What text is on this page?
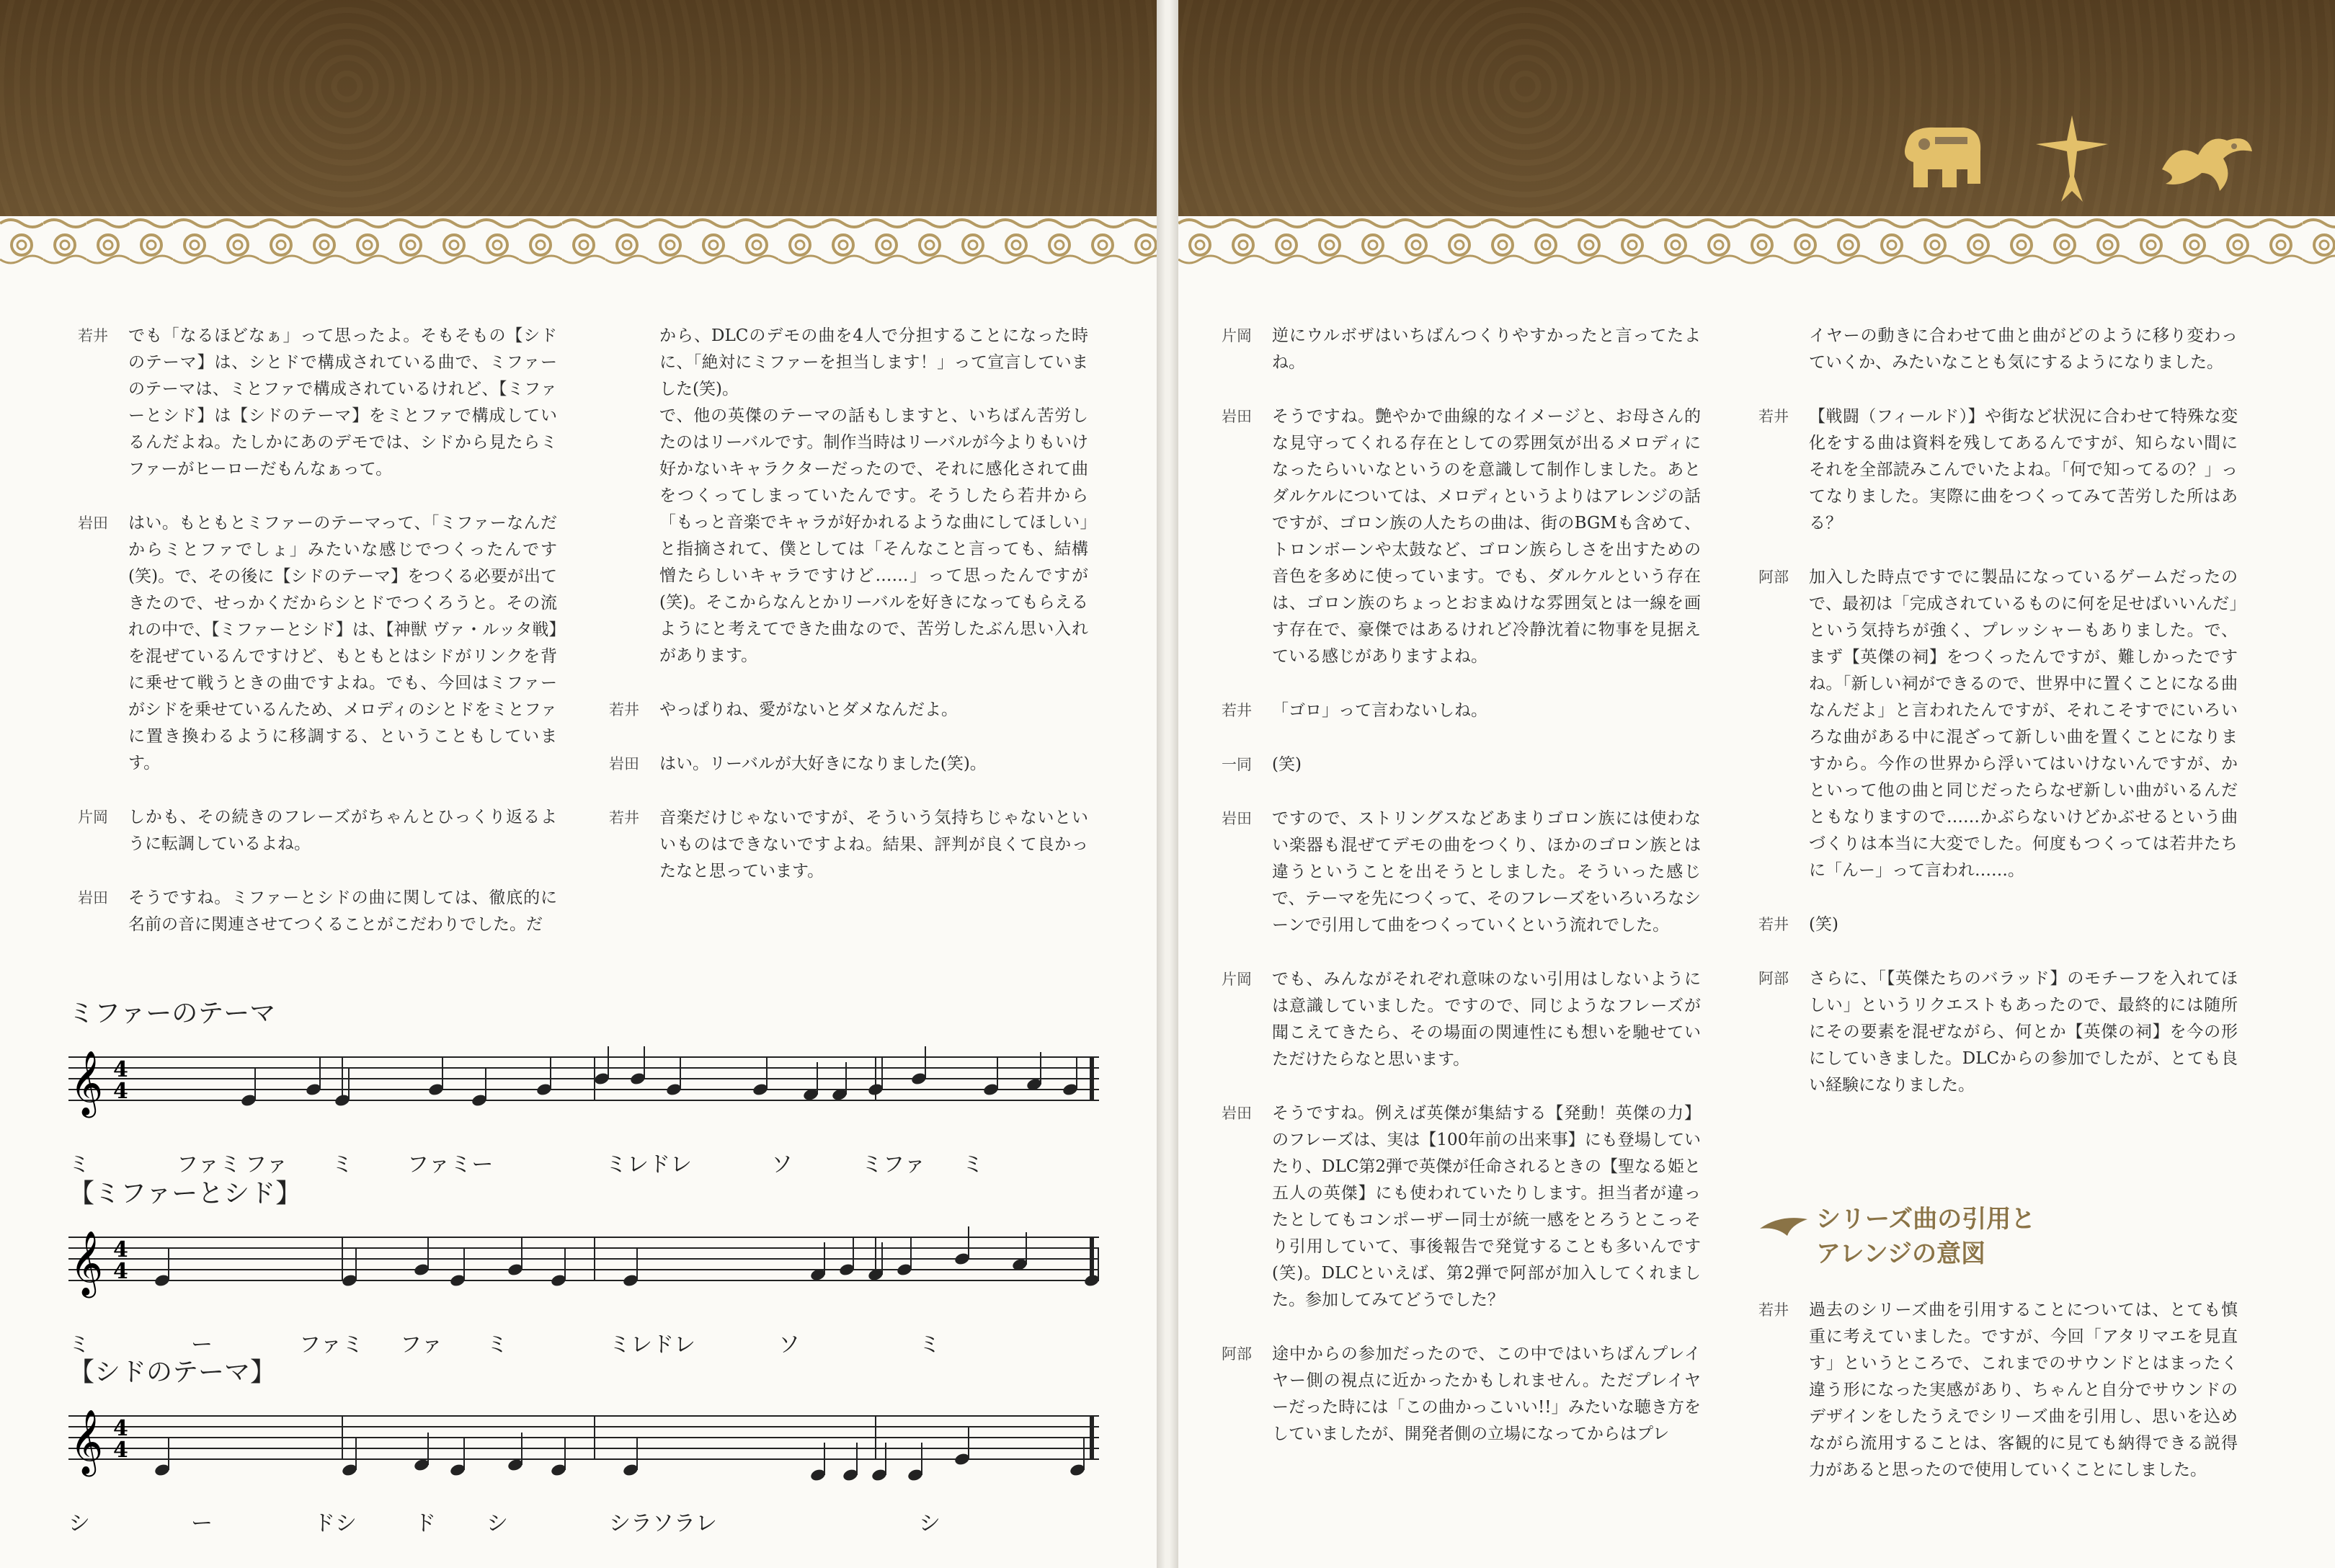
若井	でも「なるほどなぁ」って思ったよ。そもそもの【シドのテーマ】は、シとドで構成されている曲で、ミファーのテーマは、ミとファで構成されているけれど、【ミファーとシド】は【シドのテーマ】をミとファで構成しているんだよね。たしかにあのデモでは、シドから見たらミファーがヒーローだもんなぁって。
岩田	はい。もともとミファーのテーマって、「ミファーなんだからミとファでしょ」みたいな感じでつくったんです(笑)。で、その後に【シドのテーマ】をつくる必要が出てきたので、せっかくだからシとドでつくろうと。その流れの中で、【ミファーとシド】は、【神獣 ヴァ・ルッタ戦】を混ぜているんですけど、もともとはシドがリンクを背に乗せて戦うときの曲ですよね。でも、今回はミファーがシドを乗せているんため、メロディのシとドをミとファに置き換わるように移調する、ということもしています。
片岡	しかも、その続きのフレーズがちゃんとひっくり返るように転調しているよね。
岩田	そうですね。ミファーとシドの曲に関しては、徹底的に名前の音に関連させてつくることがこだわりでした。だ
から、DLCのデモの曲を4人で分担することになった時に、「絶対にミファーを担当します！」って宣言していました(笑)。
で、他の英傑のテーマの話もしますと、いちばん苦労したのはリーバルです。制作当時はリーバルが今よりもいけ好かないキャラクターだったので、それに感化されて曲をつくってしまっていたんです。そうしたら若井から「もっと音楽でキャラが好かれるような曲にしてほしい」と指摘されて、僕としては「そんなこと言っても、結構憎たらしいキャラですけど……」って思ったんですが(笑)。そこからなんとかリーバルを好きになってもらえるようにと考えてできた曲なので、苦労したぶん思い入れがあります。
若井	やっぱりね、愛がないとダメなんだよ。
岩田	はい。リーバルが大好きになりました(笑)。
若井	音楽だけじゃないですが、そういう気持ちじゃないといいものはできないですよね。結果、評判が良くて良かったなと思っています。
ミファーのテーマ
𝄞 4
4
ミ	ファミ ファ ミ	ファミー	ミレドレ	ソ	ミファ ミ
【ミファーとシド】
𝄞 4
4
ミ	ー	ファミ ファ ミ	ミレドレ	ソ	ミ
【シドのテーマ】
𝄞 4
4
シ	ー	ドシ	ド シ	シラソラレ	シ
片岡	逆にウルボザはいちばんつくりやすかったと言ってたよね。
岩田	そうですね。艶やかで曲線的なイメージと、お母さん的な見守ってくれる存在としての雰囲気が出るメロディになったらいいなというのを意識して制作しました。あとダルケルについては、メロディというよりはアレンジの話ですが、ゴロン族の人たちの曲は、街のBGMも含めて、トロンボーンや太鼓など、ゴロン族らしさを出すための音色を多めに使っています。でも、ダルケルという存在は、ゴロン族のちょっとおまぬけな雰囲気とは一線を画す存在で、豪傑ではあるけれど冷静沈着に物事を見据えている感じがありますよね。
若井	「ゴロ」って言わないしね。
一同	(笑)
岩田	ですので、ストリングスなどあまりゴロン族には使わない楽器も混ぜてデモの曲をつくり、ほかのゴロン族とは違うということを出そうとしました。そういった感じで、テーマを先につくって、そのフレーズをいろいろなシーンで引用して曲をつくっていくという流れでした。
片岡	でも、みんながそれぞれ意味のない引用はしないようには意識していました。ですので、同じようなフレーズが聞こえてきたら、その場面の関連性にも想いを馳せていただけたらなと思います。
岩田	そうですね。例えば英傑が集結する【発動！英傑の力】のフレーズは、実は【100年前の出来事】にも登場していたり、DLC第2弾で英傑が任命されるときの【聖なる姫と五人の英傑】にも使われていたりします。担当者が違ったとしてもコンポーザー同士が統一感をとろうとこっそり引用していて、事後報告で発覚することも多いんです(笑)。DLCといえば、第2弾で阿部が加入してくれました。参加してみてどうでした？
阿部	途中からの参加だったので、この中ではいちばんプレイヤー側の視点に近かったかもしれません。ただプレイヤーだった時には「この曲かっこいい!!」みたいな聴き方をしていましたが、開発者側の立場になってからはプレ
イヤーの動きに合わせて曲と曲がどのように移り変わっていくか、みたいなことも気にするようになりました。
若井	【戦闘（フィールド）】や街など状況に合わせて特殊な変化をする曲は資料を残してあるんですが、知らない間にそれを全部読みこんでいたよね。「何で知ってるの？」ってなりました。実際に曲をつくってみて苦労した所はある？
阿部	加入した時点ですでに製品になっているゲームだったので、最初は「完成されているものに何を足せばいいんだ」という気持ちが強く、プレッシャーもありました。で、まず【英傑の祠】をつくったんですが、難しかったですね。「新しい祠ができるので、世界中に置くことになる曲なんだよ」と言われたんですが、それこそすでにいろいろな曲がある中に混ざって新しい曲を置くことになりますから。今作の世界から浮いてはいけないんですが、かといって他の曲と同じだったらなぜ新しい曲がいるんだともなりますので……かぶらないけどかぶせるという曲づくりは本当に大変でした。何度もつくっては若井たちに「んー」って言われ……。
若井	(笑)
阿部	さらに、「【英傑たちのバラッド】のモチーフを入れてほしい」というリクエストもあったので、最終的には随所にその要素を混ぜながら、何とか【英傑の祠】を今の形にしていきました。DLCからの参加でしたが、とても良い経験になりました。
若井	過去のシリーズ曲を引用することについては、とても慎重に考えていました。ですが、今回「アタリマエを見直す」というところで、これまでのサウンドとはまったく違う形になった実感があり、ちゃんと自分でサウンドのデザインをしたうえでシリーズ曲を引用し、思いを込めながら流用することは、客観的に見ても納得できる説得力があると思ったので使用していくことにしました。
シリーズ曲の引用と
アレンジの意図
